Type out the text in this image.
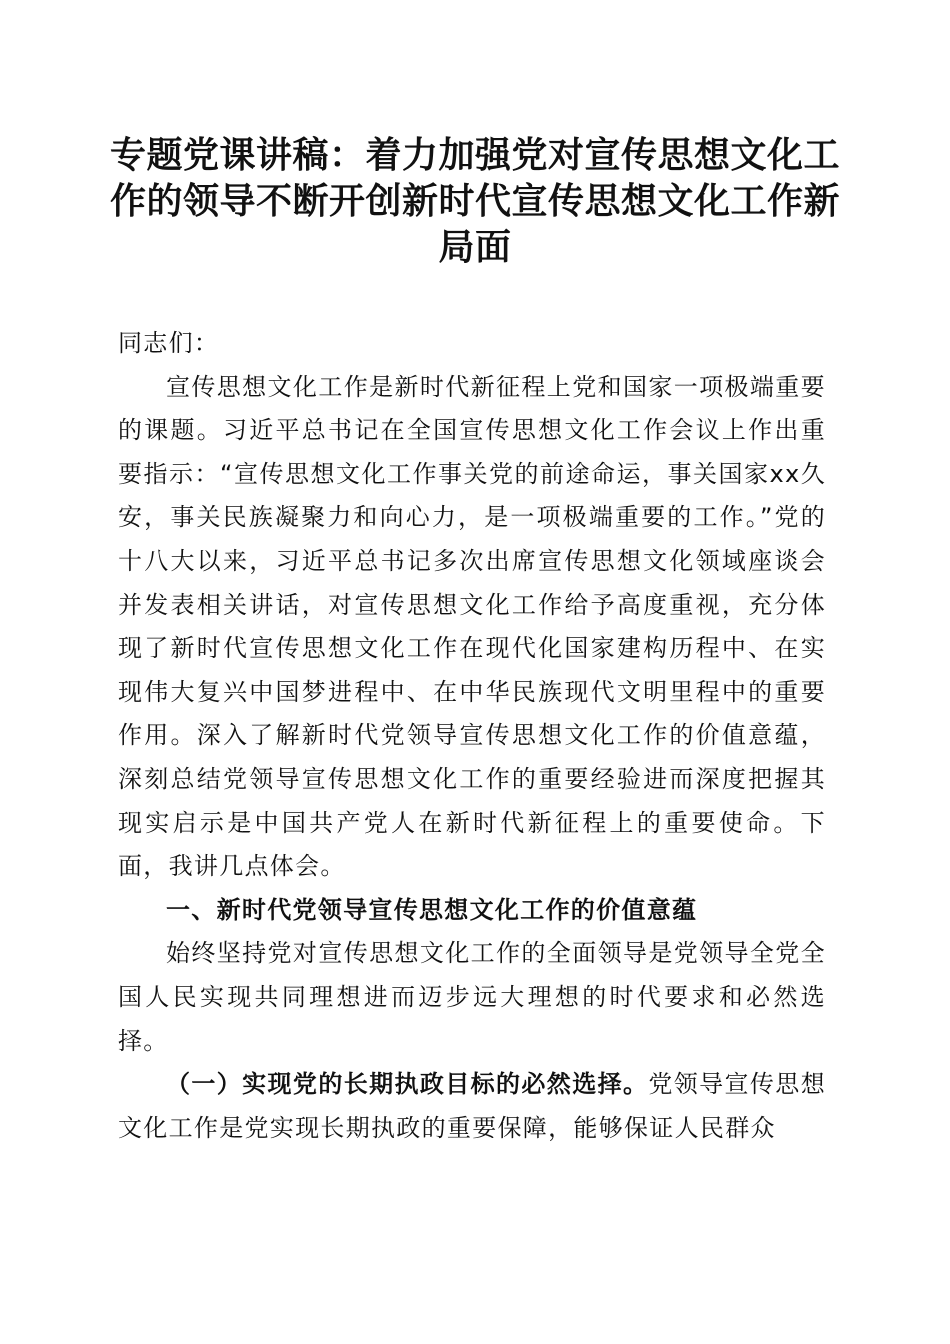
专题党课讲稿：着力加强党对宣传思想文化工作的领导不断开创新时代宣传思想文化工作新局面

同志们：

宣传思想文化工作是新时代新征程上党和国家一项极端重要的课题。习近平总书记在全国宣传思想文化工作会议上作出重要指示：“宣传思想文化工作事关党的前途命运，事关国家xx久安，事关民族凝聚力和向心力，是一项极端重要的工作。”党的十八大以来，习近平总书记多次出席宣传思想文化领域座谈会并发表相关讲话，对宣传思想文化工作给予高度重视，充分体现了新时代宣传思想文化工作在现代化国家建构历程中、在实现伟大复兴中国梦进程中、在中华民族现代文明里程中的重要作用。深入了解新时代党领导宣传思想文化工作的价值意蕴，深刻总结党领导宣传思想文化工作的重要经验进而深度把握其现实启示是中国共产党人在新时代新征程上的重要使命。下面，我讲几点体会。

一、新时代党领导宣传思想文化工作的价值意蕴

始终坚持党对宣传思想文化工作的全面领导是党领导全党全国人民实现共同理想进而迈步远大理想的时代要求和必然选择。

（一）实现党的长期执政目标的必然选择。党领导宣传思想文化工作是党实现长期执政的重要保障，能够保证人民群众
